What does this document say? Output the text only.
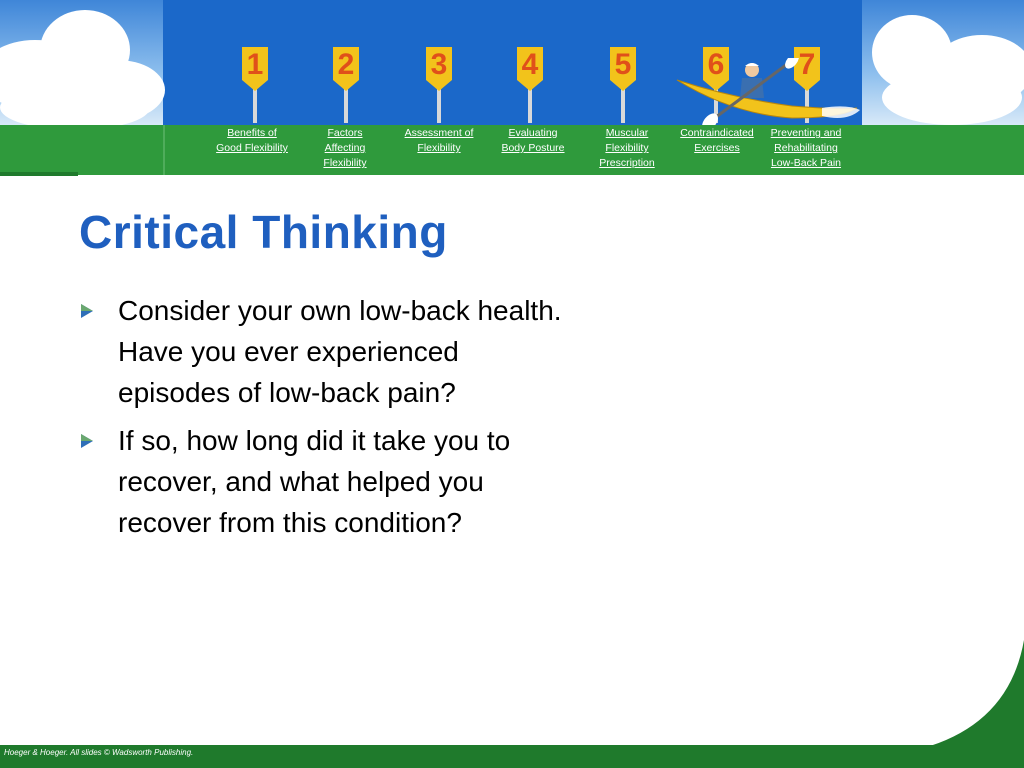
1 2	3 4	5	6 7
Benefits of
Good Flexibility
Factors
Affecting
Flexibility
Assessment of
Flexibility
Evaluating
Body Posture
Muscular
Flexibility
Prescription
Contraindicated
Exercises
Preventing and
Rehabilitating
Low-Back Pain
Critical Thinking
Consider your own low-back health. Have you ever experienced episodes of low-back pain?
If so, how long did it take you to recover, and what helped you recover from this condition?
Hoeger & Hoeger. All slides © Wadsworth Publishing.
